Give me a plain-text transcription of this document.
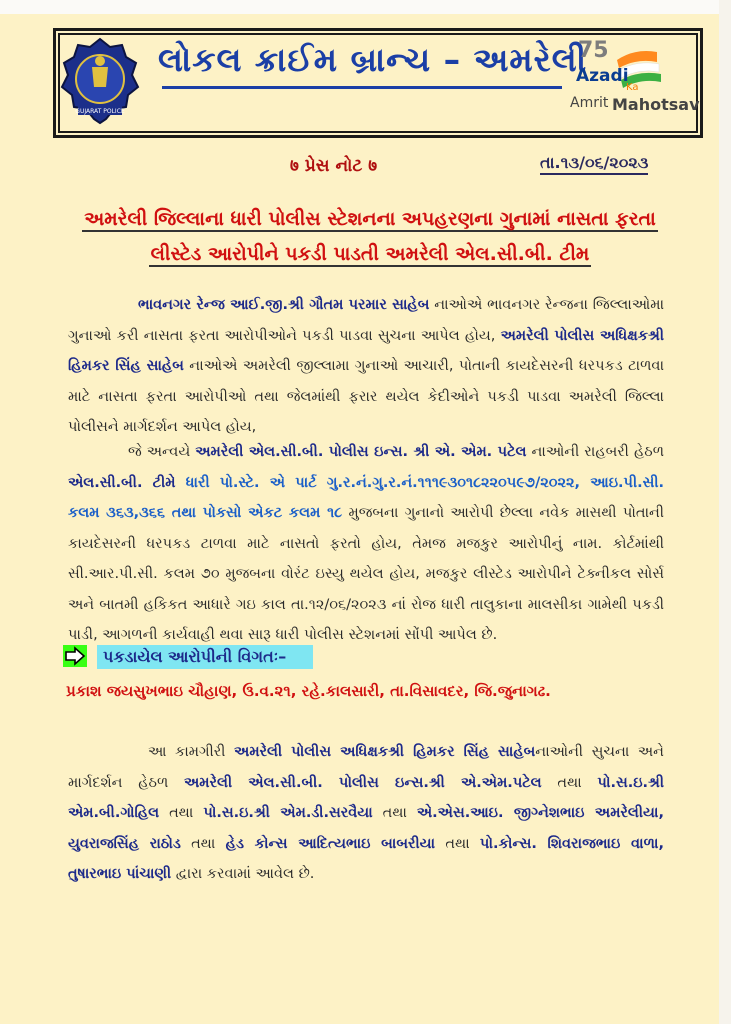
GUJARAT POLICE
લોકલ ક્રાઈમ બ્રાન્ચ – અમરેલી
75
Azadi
Ka
Amrit Mahotsav
७ પ્રેસ નોટ ७	તા.૧૩/૦૬/૨૦૨૩
અમરેલી જિલ્લાના ધારી પોલીસ સ્ટેશનના અપહરણના ગુનામાં નાસતા ફરતા
લીસ્ટેડ આરોપીને પકડી પાડતી અમરેલી એલ.સી.બી. ટીમ
ભાવનગર રેન્જ આઈ.જી.શ્રી ગૌતમ પરમાર સાહેબ નાઓએ ભાવનગર રેન્જના જિલ્લાઓમા ગુનાઓ કરી નાસતા ફરતા આરોપીઓને પકડી પાડવા સુચના આપેલ હોય, અમરેલી પોલીસ અધિક્ષકશ્રી હિમકર સિંહ સાહેબ નાઓએ અમરેલી જીલ્લામા ગુનાઓ આચારી, પોતાની કાયદેસરની ધરપકડ ટાળવા માટે નાસતા ફરતા આરોપીઓ તથા જેલમાંથી ફરાર થયેલ કેદીઓને પકડી પાડવા અમરેલી જિલ્લા પોલીસને માર્ગદર્શન આપેલ હોય,
જે અન્વયે અમરેલી એલ.સી.બી. પોલીસ ઇન્સ. શ્રી એ. એમ. પટેલ નાઓની રાહબરી હેઠળ એલ.સી.બી. ટીમે ધારી પો.સ્ટે. એ પાર્ટ ગુ.ર.નં.ગુ.ર.નં.૧૧૧૯૩૦૧૮૨૨૦૫૯૭/૨૦૨૨, આઇ.પી.સી. કલમ ૩૬૩,૩૬૬ તથા પોકસો એકટ કલમ ૧૮ મુજબના ગુનાનો આરોપી છેલ્લા નવેક માસથી પોતાની કાયદેસરની ધરપકડ ટાળવા માટે નાસતો ફરતો હોય, તેમજ મજકુર આરોપીનું નામ. કોર્ટમાંથી સી.આર.પી.સી. કલમ ૭૦ મુજબના વોરંટ ઇસ્યુ થયેલ હોય, મજકુર લીસ્ટેડ આરોપીને ટેક્નીકલ સોર્સ અને બાતમી હકિકત આધારે ગઇ કાલ તા.૧૨/૦૬/૨૦૨૩ નાં રોજ ધારી તાલુકાના માલસીકા ગામેથી પકડી પાડી, આગળની કાર્યવાહી થવા સારૂ ધારી પોલીસ સ્ટેશનમાં સોંપી આપેલ છે.
પકડાયેલ આરોપીની વિગતઃ–
પ્રકાશ જયસુખભાઇ ચૌહાણ, ઉ.વ.૨૧, રહે.કાલસારી, તા.વિસાવદર, જિ.જુનાગઢ.
આ કામગીરી અમરેલી પોલીસ અધિક્ષકશ્રી હિમકર સિંહ સાહેબનાઓની સુચના અને માર્ગદર્શન હેઠળ અમરેલી એલ.સી.બી. પોલીસ ઇન્સ.શ્રી એ.એમ.પટેલ તથા પો.સ.ઇ.શ્રી એમ.બી.ગોહિલ તથા પો.સ.ઇ.શ્રી એમ.ડી.સરવૈયા તથા એ.એસ.આઇ. જીગ્નેશભાઇ અમરેલીયા, યુવરાજસિંહ રાઠોડ તથા હેડ કોન્સ આદિત્યભાઇ બાબરીયા તથા પો.કોન્સ. શિવરાજભાઇ વાળા, તુષારભાઇ પાંચાણી દ્વારા કરવામાં આવેલ છે.
